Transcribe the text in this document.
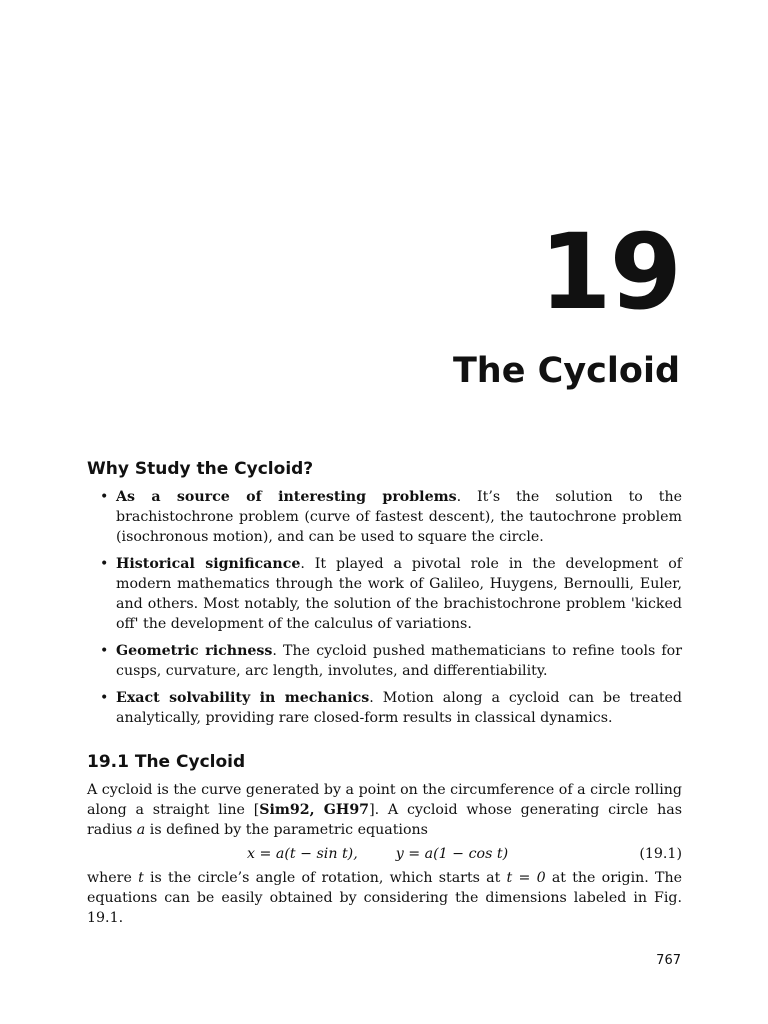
19
The Cycloid
Why Study the Cycloid?
• As a source of interesting problems. It’s the solution to the brachistochrone problem (curve of fastest descent), the tautochrone problem (isochronous motion), and can be used to square the circle.
• Historical significance. It played a pivotal role in the development of modern mathematics through the work of Galileo, Huygens, Bernoulli, Euler, and others. Most notably, the solution of the brachistochrone problem 'kicked off' the development of the calculus of variations.
• Geometric richness. The cycloid pushed mathematicians to refine tools for cusps, curvature, arc length, involutes, and differentiability.
• Exact solvability in mechanics. Motion along a cycloid can be treated analytically, providing rare closed-form results in classical dynamics.
19.1 The Cycloid

A cycloid is the curve generated by a point on the circumference of a circle rolling along a straight line [Sim92, GH97]. A cycloid whose generating circle has radius a is defined by the parametric equations

x = a(t − sin t),	y = a(1 − cos t)	(19.1)

where t is the circle’s angle of rotation, which starts at t = 0 at the origin. The equations can be easily obtained by considering the dimensions labeled in Fig. 19.1.

767
